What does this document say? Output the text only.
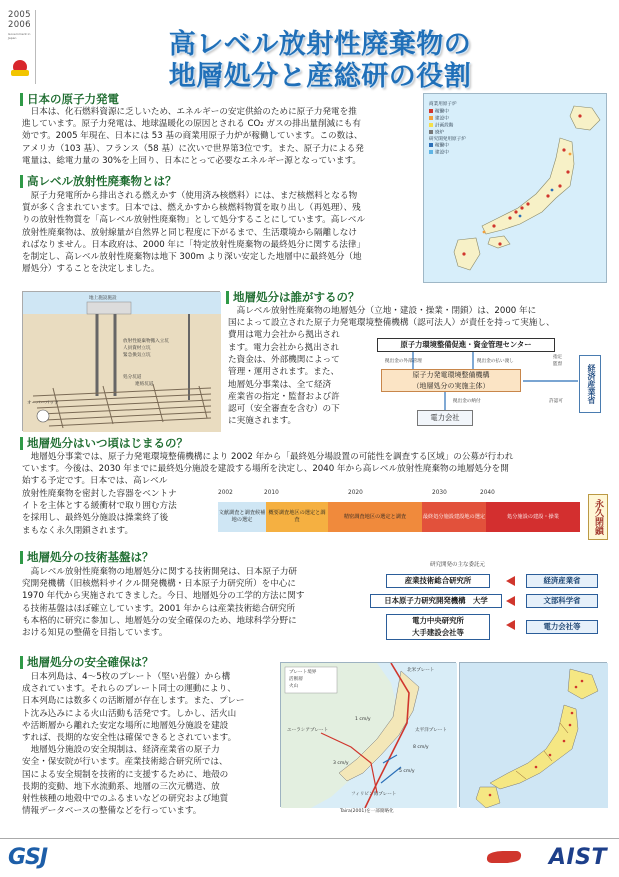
2005
2006
Government in Japan	高レベル放射性廃棄物の
地層処分と産総研の役割
日本の原子力発電
　日本は、化石燃料資源に乏しいため、エネルギーの安定供給のために原子力発電を推
進しています。原子力発電は、地球温暖化の原因とされる CO₂ ガスの排出量削減にも有
効です。2005 年現在、日本には 53 基の商業用原子力炉が稼働しています。この数は、
アメリカ（103 基）、フランス（58 基）に次いで世界第3位です。また、原子力による発
電量は、総電力量の 30%を上回り、日本にとって必要なエネルギー源となっています。
商業用原子炉
稼働中
建設中
計画段階
廃炉
研究開発用原子炉
稼働中
建設中
高レベル放射性廃棄物とは？
　原子力発電所から排出される燃えかす（使用済み核燃料）には、まだ核燃料となる物
質が多く含まれています。日本では、燃えかすから核燃料物質を取り出し（再処理）、残
りの放射性物質を「高レベル放射性廃棄物」として処分することにしています。高レベル
放射性廃棄物は、放射線量が自然界と同じ程度に下がるまで、生活環境から隔離しなけ
ればなりません。日本政府は、2000 年に「特定放射性廃棄物の最終処分に関する法律」
を制定し、高レベル放射性廃棄物は地下 300m より深い安定した地層中に最終処分（地
層処分）することを決定しました。
地上施設施設
放射性廃棄物搬入立坑
人員資材立坑
緊急換気立坑
処分坑道
連絡坑道
オーバーパック
地層処分は誰がするの？
　高レベル放射性廃棄物の地層処分（立地・建設・操業・閉鎖）は、2000 年に
国によって設立された原子力発電環境整備機構（認可法人）が責任を持って実施し、
費用は電力会社から拠出され
ます。電力会社から拠出され
た資金は、外部機関によって
管理・運用されます。また、
地層処分事業は、全て経済
産業省の指定・監督および許
認可（安全審査を含む）の下
に実施されます。
原子力環境整備促進・資金管理センター
拠出金の外部管理	拠出金の払い渡し
原子力発電環境整備機構
（地層処分の実施主体）
拠出金の納付
電力会社
指定
監督
許認可	経済産業省
地層処分はいつ頃はじまるの？
　地層処分事業では、原子力発電環境整備機構により 2002 年から「最終処分場設置の可能性を調査する区域」の公募が行われ
ています。今後は、2030 年までに最終処分施設を建設する場所を決定し、2040 年から高レベル放射性廃棄物の地層処分を開
始する予定です。日本では、高レベル
放射性廃棄物を密封した容器をベントナ
イトを主体とする緩衝材で取り囲む方法
を採用し、最終処分施設は操業終了後
まもなく永久閉鎖されます。
2002	2010	2020	2030	2040
文献調査と調査候補地の選定
概要調査地区の選定と調査
精密調査地区の選定と調査	最終処分施設建設地の選定	処分施設の建設・操業	永久閉鎖
地層処分の技術基盤は？
　高レベル放射性廃棄物の地層処分に関する技術開発は、日本原子力研
究開発機構（旧核燃料サイクル開発機構・日本原子力研究所）を中心に
1970 年代から実施されてきました。今日、地層処分の工学的方法に関す
る技術基盤はほぼ確立しています。2001 年からは産業技術総合研究所
も本格的に研究に参加し、地層処分の安全確保のため、地球科学分野に
おける知見の整備を目指しています。
研究開発の主な委託元
産業技術総合研究所
日本原子力研究開発機構　大学
電力中央研究所
大手建設会社等
経済産業省
文部科学省
電力会社等
地層処分の安全確保は？
　日本列島は、4〜5枚のプレート（堅い岩盤）から構
成されています。それらのプレート同士の運動により、
日本列島には数多くの活断層が存在します。また、プレー
ト沈み込みによる火山活動も活発です。しかし、活火山
や活断層から離れた安定な場所に地層処分施設を建設
すれば、長期的な安全性は確保できるとされています。
　地層処分施設の安全規制は、経済産業省の原子力
安全・保安院が行います。産業技術総合研究所では、
国による安全規制を技術的に支援するために、地殻の
長期的変動、地下水流動系、地層の三次元構造、放
射性核種の地殻中でのふるまいなどの研究および地質
情報データベースの整備などを行っています。
プレート境界
活断層
火山
北米プレート
ユーラシアプレート	太平洋プレート
フィリピン海プレート
1 cm/y
8 cm/y
5 cm/y
3 cm/y
Taira(2001)を一部簡略化
GSJ	AIST
